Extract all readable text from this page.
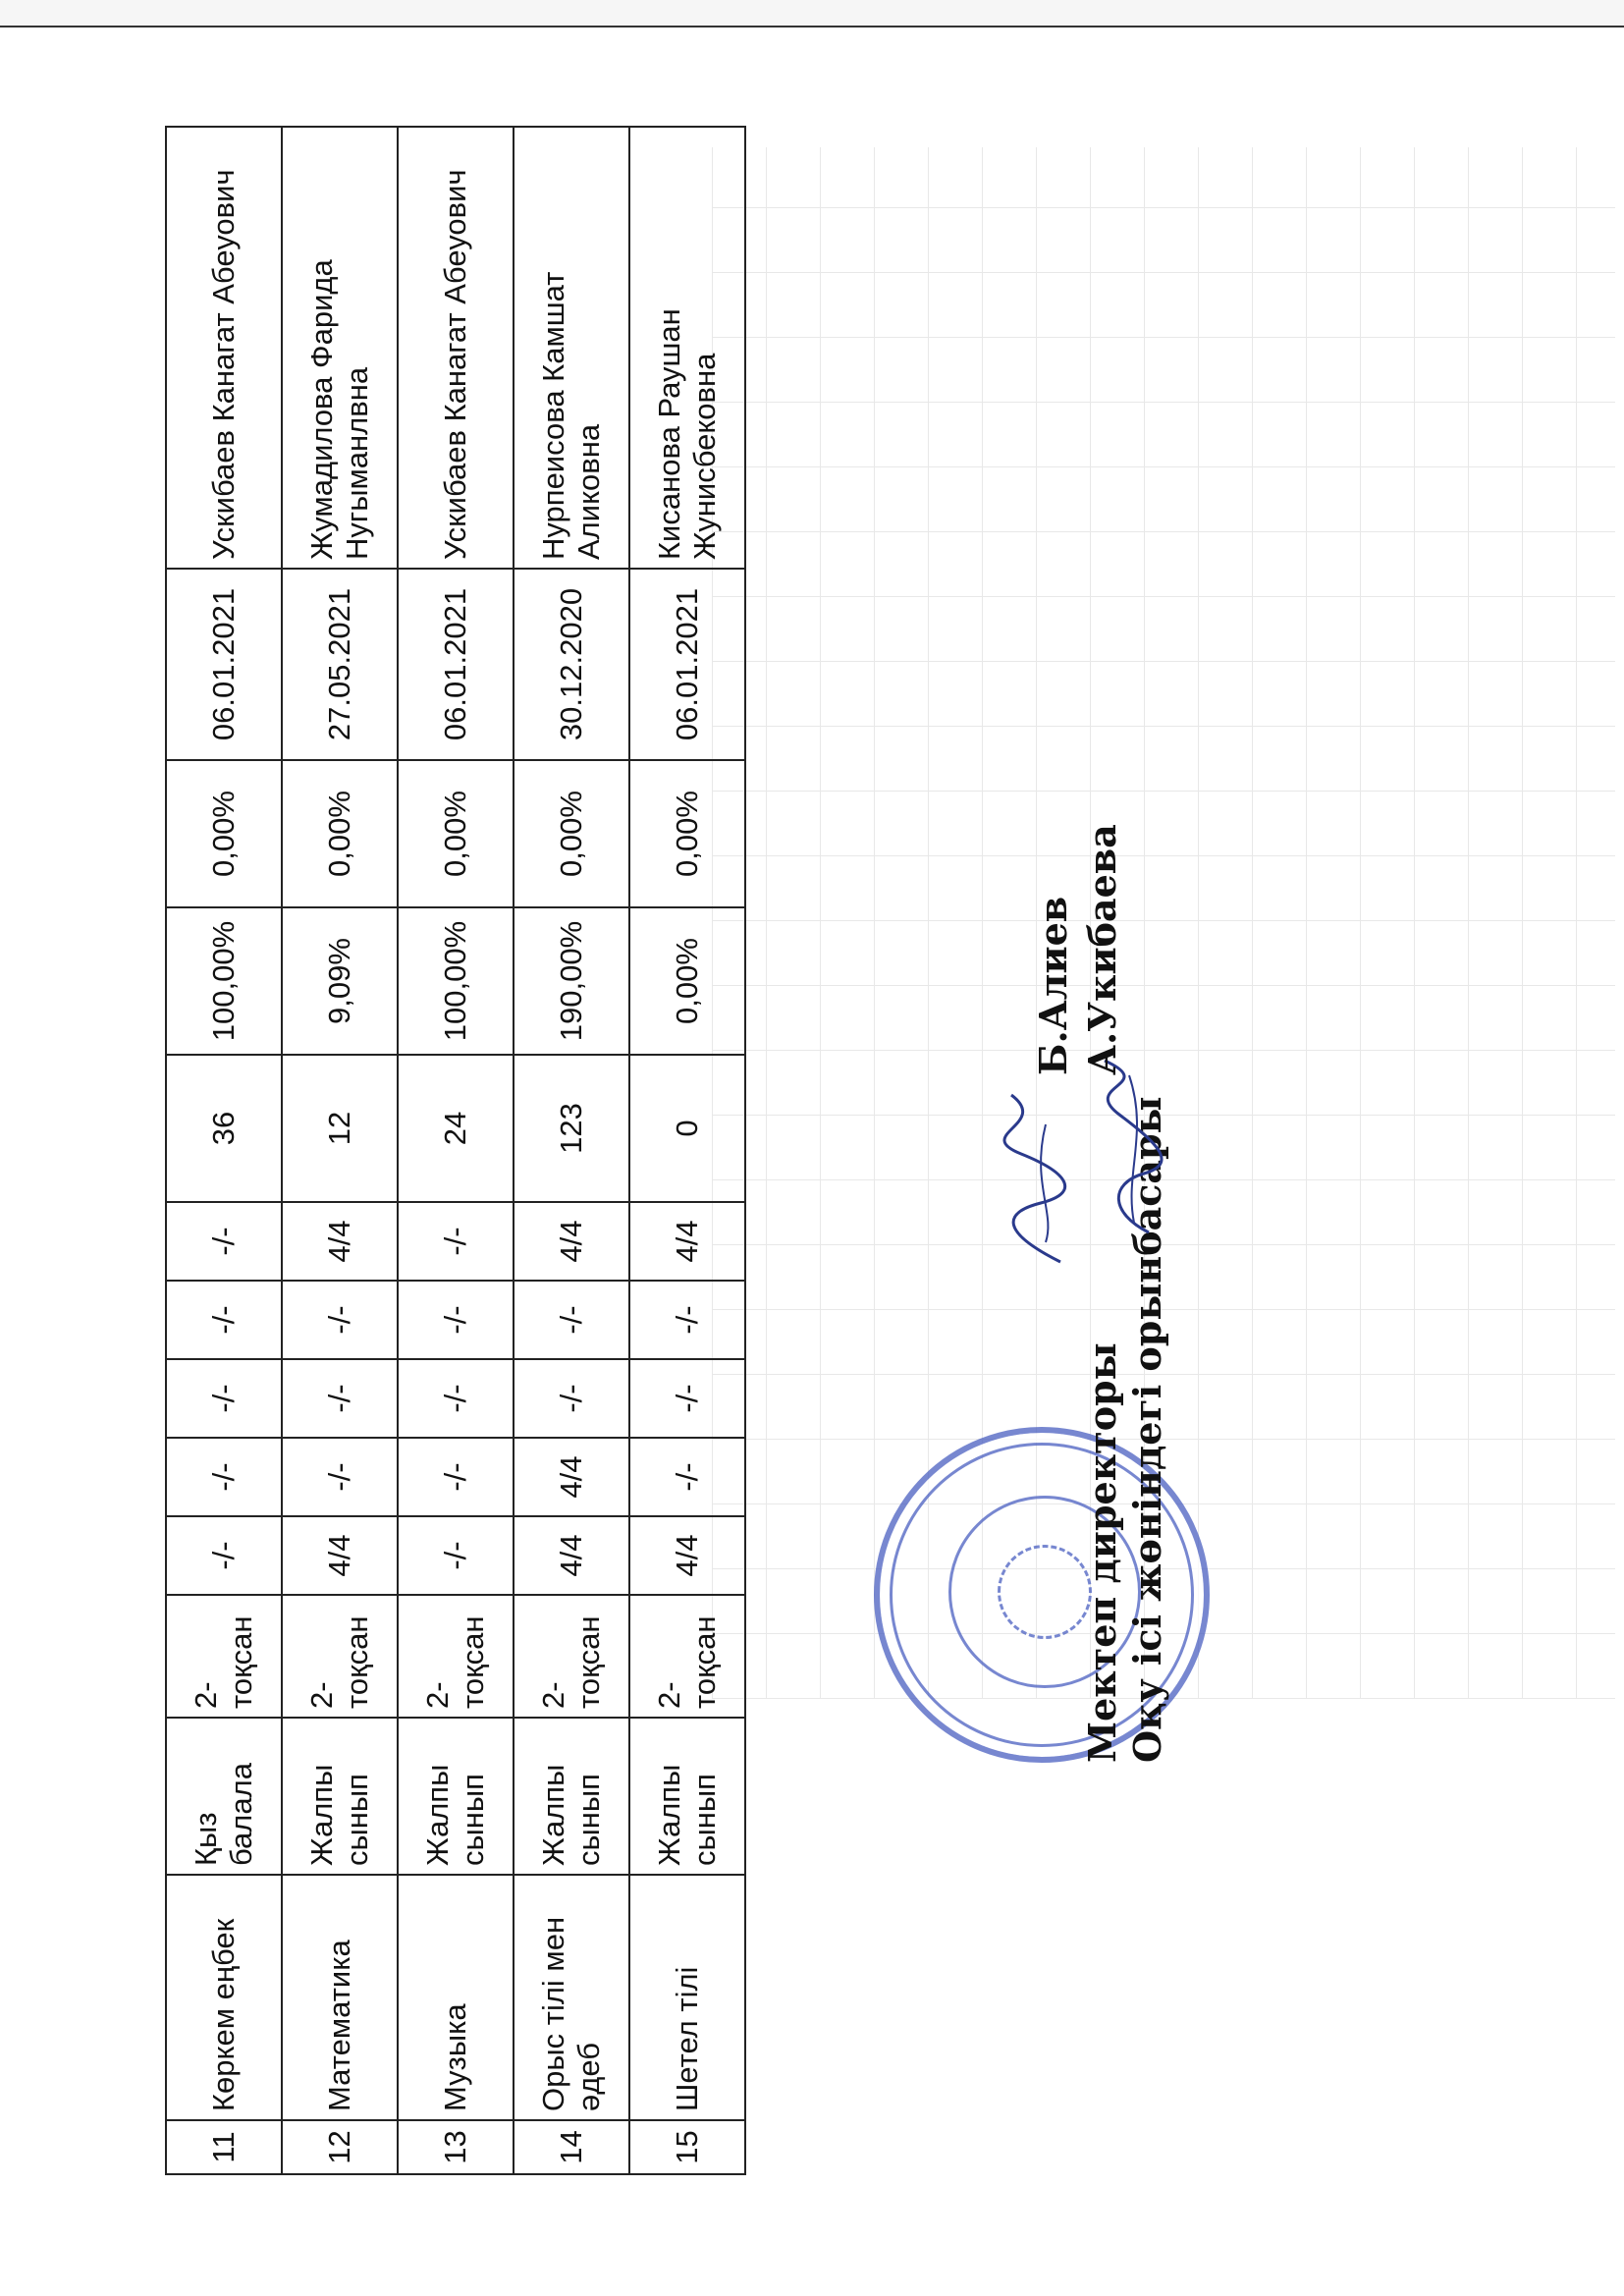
11	Көркем еңбек	Қыз балала	2-тоқсан	-/-	-/-	-/-	-/-	-/-	36	100,00%	0,00%	06.01.2021	Ускибаев Канагат Абеуович
12	Математика	Жалпы сынып	2-тоқсан	4/4	-/-	-/-	-/-	4/4	12	9,09%	0,00%	27.05.2021	Жумадилова Фарида Нугыманлвна
13	Музыка	Жалпы сынып	2-тоқсан	-/-	-/-	-/-	-/-	-/-	24	100,00%	0,00%	06.01.2021	Ускибаев Канагат Абеуович
14	Орыс тілі мен әдеб	Жалпы сынып	2-тоқсан	4/4	4/4	-/-	-/-	4/4	123	190,00%	0,00%	30.12.2020	Нурпеисова Камшат Аликовна
15	Шетел тілі	Жалпы сынып	2-тоқсан	4/4	-/-	-/-	-/-	4/4	0	0,00%	0,00%	06.01.2021	Кисанова Раушан Жунисбековна
Мектеп директоры Оқу ісі жөніндегі орынбасары
Б.Алиев А.Укибаева
